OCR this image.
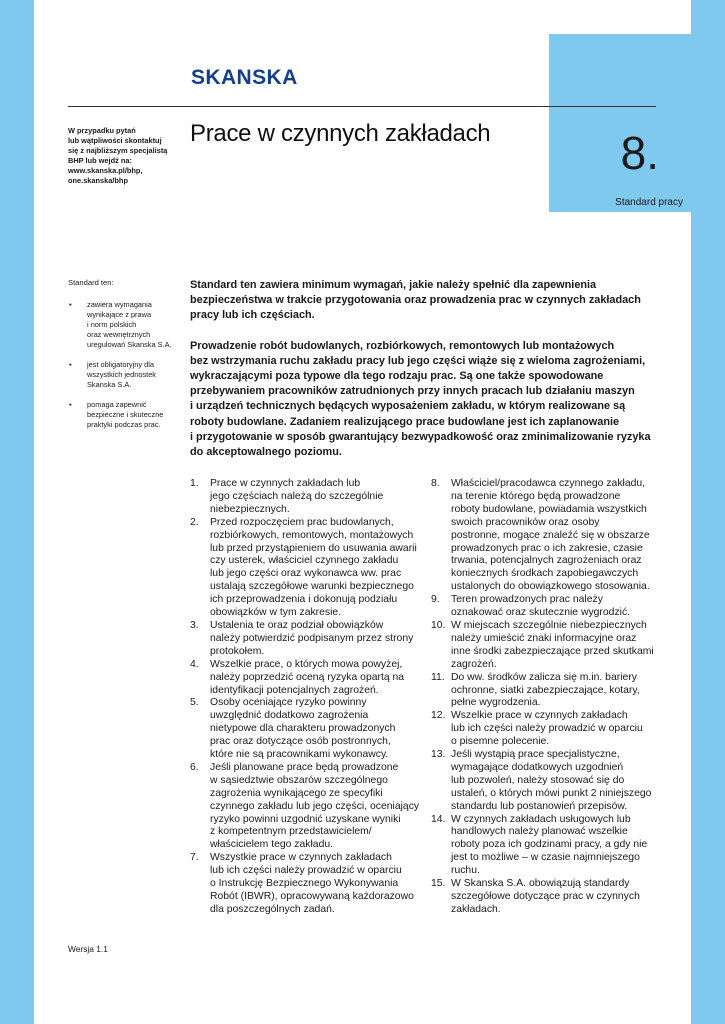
8.
Standard pracy
SKANSKA
W przypadku pytań
lub wątpliwości skontaktuj
się z najbliższym specjalistą
BHP lub wejdź na:
www.skanska.pl/bhp,
one.skanska/bhp
Prace w czynnych zakładach
Standard ten:
▪ zawiera wymagania
wynikające z prawa
i norm polskich
oraz wewnętrznych
uregulowań Skanska S.A.
▪ jest obligatoryjny dla
wszystkich jednostek
Skanska S.A.
▪ pomaga zapewnić
bezpieczne i skuteczne
praktyki podczas prac.

Standard ten zawiera minimum wymagań, jakie należy spełnić dla zapewnienia
bezpieczeństwa w trakcie przygotowania oraz prowadzenia prac w czynnych zakładach
pracy lub ich częściach.

Prowadzenie robót budowlanych, rozbiórkowych, remontowych lub montażowych
bez wstrzymania ruchu zakładu pracy lub jego części wiąże się z wieloma zagrożeniami,
wykraczającymi poza typowe dla tego rodzaju prac. Są one także spowodowane
przebywaniem pracowników zatrudnionych przy innych pracach lub działaniu maszyn
i urządzeń technicznych będących wyposażeniem zakładu, w którym realizowane są
roboty budowlane. Zadaniem realizującego prace budowlane jest ich zaplanowanie
i przygotowanie w sposób gwarantujący bezwypadkowość oraz zminimalizowanie ryzyka
do akceptowalnego poziomu.

1. Prace w czynnych zakładach lub
jego częściach należą do szczególnie
niebezpiecznych.
2. Przed rozpoczęciem prac budowlanych,
rozbiórkowych, remontowych, montażowych
lub przed przystąpieniem do usuwania awarii
czy usterek, właściciel czynnego zakładu
lub jego części oraz wykonawca ww. prac
ustalają szczegółowe warunki bezpiecznego
ich przeprowadzenia i dokonują podziału
obowiązków w tym zakresie.
3. Ustalenia te oraz podział obowiązków
należy potwierdzić podpisanym przez strony
protokołem.
4. Wszelkie prace, o których mowa powyżej,
należy poprzedzić oceną ryzyka opartą na
identyfikacji potencjalnych zagrożeń.
5. Osoby oceniające ryzyko powinny
uwzględnić dodatkowo zagrożenia
nietypowe dla charakteru prowadzonych
prac oraz dotyczące osób postronnych,
które nie są pracownikami wykonawcy.
6. Jeśli planowane prace będą prowadzone
w sąsiedztwie obszarów szczególnego
zagrożenia wynikającego ze specyfiki
czynnego zakładu lub jego części, oceniający
ryzyko powinni uzgodnić uzyskane wyniki
z kompetentnym przedstawicielem/
właścicielem tego zakładu.
7. Wszystkie prace w czynnych zakładach
lub ich części należy prowadzić w oparciu
o Instrukcję Bezpiecznego Wykonywania
Robót (IBWR), opracowywaną każdorazowo
dla poszczególnych zadań.
8. Właściciel/pracodawca czynnego zakładu,
na terenie którego będą prowadzone
roboty budowlane, powiadamia wszystkich
swoich pracowników oraz osoby
postronne, mogące znaleźć się w obszarze
prowadzonych prac o ich zakresie, czasie
trwania, potencjalnych zagrożeniach oraz
koniecznych środkach zapobiegawczych
ustalonych do obowiązkowego stosowania.
9. Teren prowadzonych prac należy
oznakować oraz skutecznie wygrodzić.
10. W miejscach szczególnie niebezpiecznych
należy umieścić znaki informacyjne oraz
inne środki zabezpieczające przed skutkami
zagrożeń.
11. Do ww. środków zalicza się m.in. bariery
ochronne, siatki zabezpieczające, kotary,
pełne wygrodzenia.
12. Wszelkie prace w czynnych zakładach
lub ich części należy prowadzić w oparciu
o pisemne polecenie.
13. Jeśli wystąpią prace specjalistyczne,
wymagające dodatkowych uzgodnień
lub pozwoleń, należy stosować się do
ustaleń, o których mówi punkt 2 niniejszego
standardu lub postanowień przepisów.
14. W czynnych zakładach usługowych lub
handlowych należy planować wszelkie
roboty poza ich godzinami pracy, a gdy nie
jest to możliwe – w czasie najmniejszego
ruchu.
15. W Skanska S.A. obowiązują standardy
szczegółowe dotyczące prac w czynnych
zakładach.
Wersja 1.1
